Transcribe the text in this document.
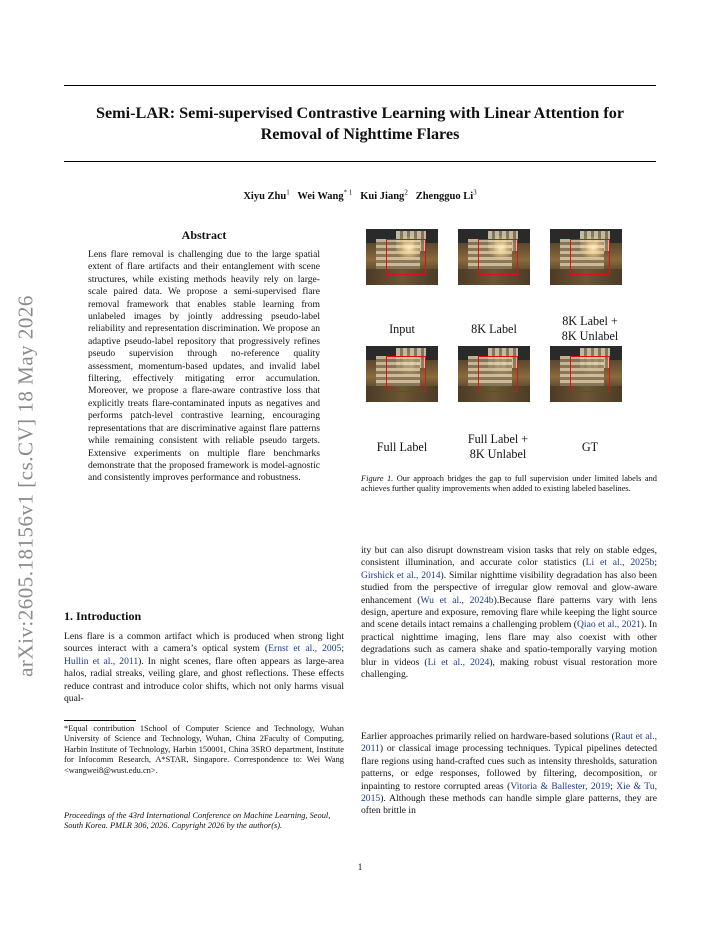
Semi-LAR: Semi-supervised Contrastive Learning with Linear Attention for
Removal of Nighttime Flares
Xiyu Zhu$^1$ Wei Wang$^{* 1}$ Kui Jiang$^2$ Zhengguo Li$^3$
arXiv:2605.18156v1 [cs.CV] 18 May 2026
Abstract
Lens flare removal is challenging due to the large spatial extent of flare artifacts and their entanglement with scene structures, while existing methods heavily rely on large-scale paired data. We propose a semi-supervised flare removal framework that enables stable learning from unlabeled images by jointly addressing pseudo-label reliability and representation discrimination. We propose an adaptive pseudo-label repository that progressively refines pseudo supervision through no-reference quality assessment, momentum-based updates, and invalid label filtering, effectively mitigating error accumulation. Moreover, we propose a flare-aware contrastive loss that explicitly treats flare-contaminated inputs as negatives and performs patch-level contrastive learning, encouraging representations that are discriminative against flare patterns while remaining consistent with reliable pseudo targets. Extensive experiments on multiple flare benchmarks demonstrate that the proposed framework is model-agnostic and consistently improves performance and robustness.
1. Introduction
Lens flare is a common artifact which is produced when strong light sources interact with a camera’s optical system (Ernst et al., 2005; Hullin et al., 2011). In night scenes, flare often appears as large-area halos, radial streaks, veiling glare, and ghost reflections. These effects reduce contrast and introduce color shifts, which not only harms visual qual-
*Equal contribution 1School of Computer Science and Technology, Wuhan University of Science and Technology, Wuhan, China 2Faculty of Computing, Harbin Institute of Technology, Harbin 150001, China 3SRO department, Institute for Infocomm Research, A*STAR, Singapore. Correspondence to: Wei Wang <wangwei8@wust.edu.cn>.
Proceedings of the 43rd International Conference on Machine Learning, Seoul, South Korea. PMLR 306, 2026. Copyright 2026 by the author(s).
Input	8K Label
8K Label +
8K Unlabel
Full Label
Full Label +
8K Unlabel	GT
Figure 1. Our approach bridges the gap to full supervision under limited labels and achieves further quality improvements when added to existing labeled baselines.
ity but can also disrupt downstream vision tasks that rely on stable edges, consistent illumination, and accurate color statistics (Li et al., 2025b; Girshick et al., 2014). Similar nighttime visibility degradation has also been studied from the perspective of irregular glow removal and glow-aware enhancement (Wu et al., 2024b).Because flare patterns vary with lens design, aperture and exposure, removing flare while keeping the light source and scene details intact remains a challenging problem (Qiao et al., 2021). In practical nighttime imaging, lens flare may also coexist with other degradations such as camera shake and spatio-temporally varying motion blur in videos (Li et al., 2024), making robust visual restoration more challenging.
Earlier approaches primarily relied on hardware-based solutions (Raut et al., 2011) or classical image processing techniques. Typical pipelines detected flare regions using hand-crafted cues such as intensity thresholds, saturation patterns, or edge responses, followed by filtering, decomposition, or inpainting to restore corrupted areas (Vitoria & Ballester, 2019; Xie & Tu, 2015). Although these methods can handle simple glare patterns, they are often brittle in
1
